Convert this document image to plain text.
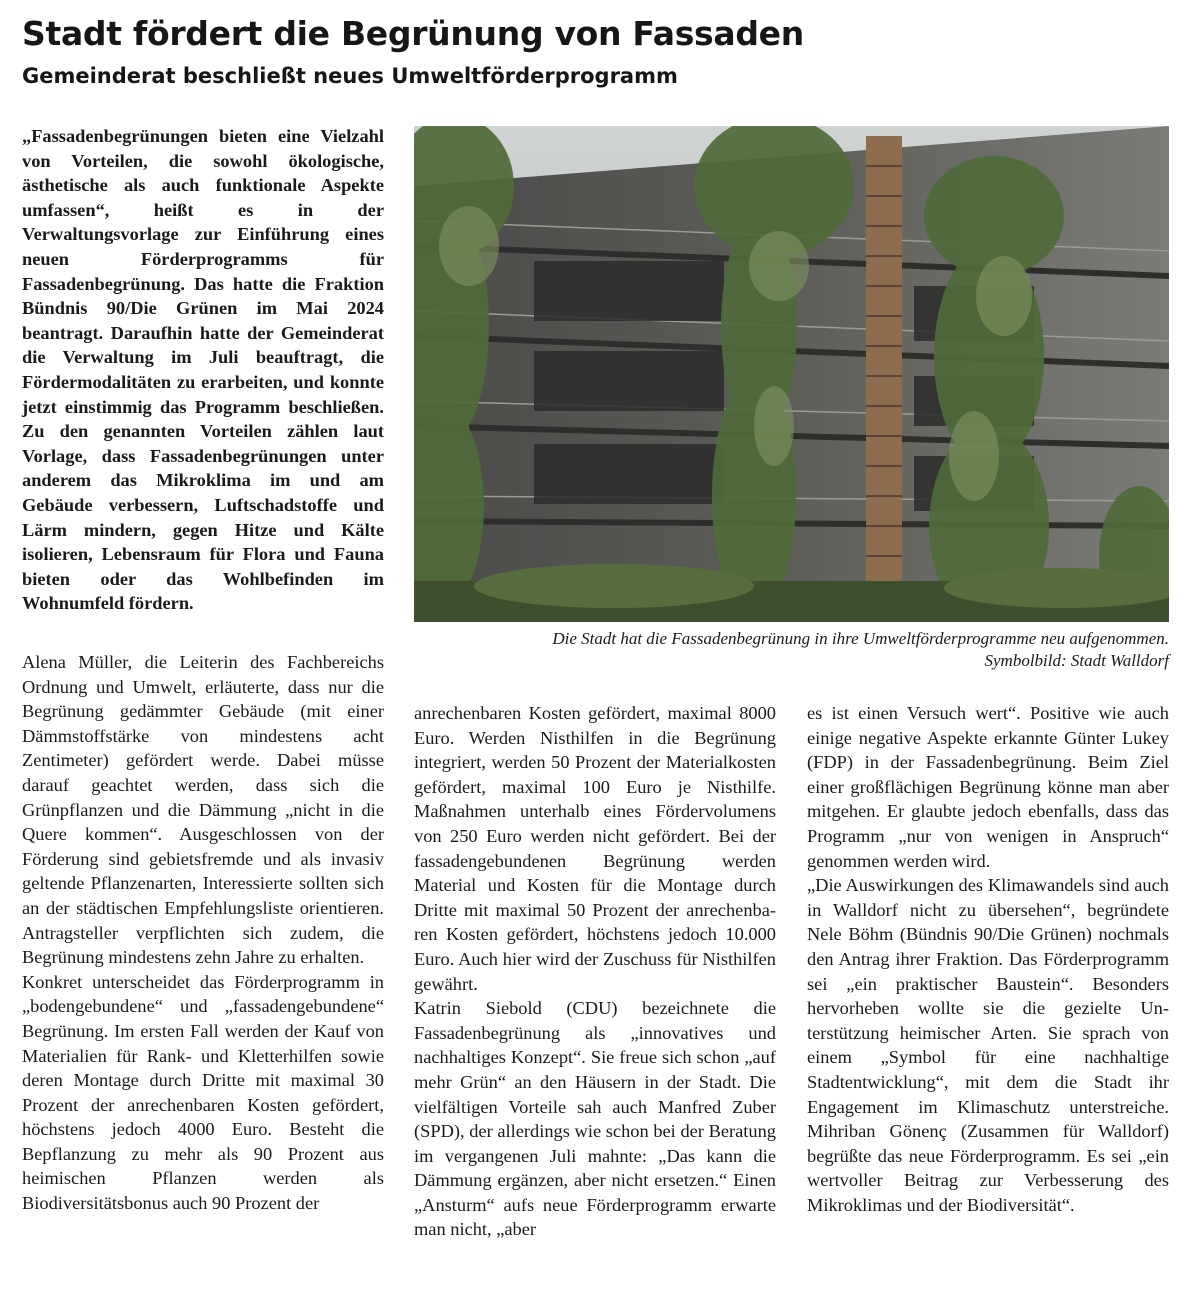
Stadt fördert die Begrünung von Fassaden
Gemeinderat beschließt neues Umweltförderprogramm

„Fassadenbegrünungen bieten eine Vielzahl von Vorteilen, die sowohl ökologische, ästhetische als auch funktionale Aspekte umfassen“, heißt es in der Verwaltungsvorlage zur Einführung eines neuen Förderprogramms für Fassadenbegrünung. Das hatte die Fraktion Bündnis 90/Die Grünen im Mai 2024 beantragt. Daraufhin hatte der Gemeinderat die Verwaltung im Juli beauftragt, die Fördermodalitäten zu erarbeiten, und konnte jetzt einstimmig das Programm beschließen. Zu den genannten Vorteilen zählen laut Vorlage, dass Fassadenbegrünungen unter anderem das Mikroklima im und am Gebäude verbessern, Luftschadstoffe und Lärm mindern, gegen Hitze und Kälte isolieren, Lebensraum für Flora und Fauna bieten oder das Wohlbefinden im Wohnumfeld fördern.

Die Stadt hat die Fassadenbegrünung in ihre Umweltförderprogramme neu aufgenommen.
Symbolbild: Stadt Walldorf

Alena Müller, die Leiterin des Fachbereichs Ordnung und Umwelt, erläuterte, dass nur die Begrünung gedämmter Gebäude (mit einer Dämmstoffstärke von mindestens acht Zentimeter) gefördert werde. Dabei müsse darauf geachtet werden, dass sich die Grünpflanzen und die Dämmung „nicht in die Quere kommen“. Ausgeschlossen von der Förderung sind gebietsfremde und als invasiv geltende Pflanzenarten, Interessierte sollten sich an der städtischen Empfehlungsliste orientieren. Antragsteller verpflichten sich zudem, die Begrünung mindestens zehn Jahre zu erhalten.

Konkret unterscheidet das Förderprogramm in „bodengebundene“ und „fassadengebundene“ Begrünung. Im ersten Fall werden der Kauf von Materialien für Rank- und Kletterhilfen sowie deren Montage durch Dritte mit maximal 30 Prozent der anrechenbaren Kosten gefördert, höchstens jedoch 4000 Euro. Besteht die Bepflanzung zu mehr als 90 Prozent aus heimischen Pflanzen werden als Biodiversitätsbonus auch 90 Prozent der

anrechenbaren Kosten gefördert, maximal 8000 Euro. Werden Nisthilfen in die Begrünung integriert, werden 50 Prozent der Materialkosten gefördert, maximal 100 Euro je Nisthilfe. Maßnahmen unterhalb eines Fördervolumens von 250 Euro werden nicht gefördert. Bei der fassadengebundenen Begrünung werden Material und Kosten für die Montage durch Dritte mit maximal 50 Prozent der anrechenbaren Kosten gefördert, höchstens jedoch 10.000 Euro. Auch hier wird der Zuschuss für Nisthilfen gewährt.

Katrin Siebold (CDU) bezeichnete die Fassadenbegrünung als „innovatives und nachhaltiges Konzept“. Sie freue sich schon „auf mehr Grün“ an den Häusern in der Stadt. Die vielfältigen Vorteile sah auch Manfred Zuber (SPD), der allerdings wie schon bei der Beratung im vergangenen Juli mahnte: „Das kann die Dämmung ergänzen, aber nicht ersetzen.“ Einen „Ansturm“ aufs neue Förderprogramm erwarte man nicht, „aber

es ist einen Versuch wert“. Positive wie auch einige negative Aspekte erkannte Günter Lukey (FDP) in der Fassadenbegrünung. Beim Ziel einer großflächigen Begrünung könne man aber mitgehen. Er glaubte jedoch ebenfalls, dass das Programm „nur von wenigen in Anspruch“ genommen werden wird.

„Die Auswirkungen des Klimawandels sind auch in Walldorf nicht zu übersehen“, begründete Nele Böhm (Bündnis 90/Die Grünen) nochmals den Antrag ihrer Fraktion. Das Förderprogramm sei „ein praktischer Baustein“. Besonders hervorheben wollte sie die gezielte Unterstützung heimischer Arten. Sie sprach von einem „Symbol für eine nachhaltige Stadtentwicklung“, mit dem die Stadt ihr Engagement im Klimaschutz unterstreiche. Mihriban Gönenç (Zusammen für Walldorf) begrüßte das neue Förderprogramm. Es sei „ein wertvoller Beitrag zur Verbesserung des Mikroklimas und der Biodiversität“.
